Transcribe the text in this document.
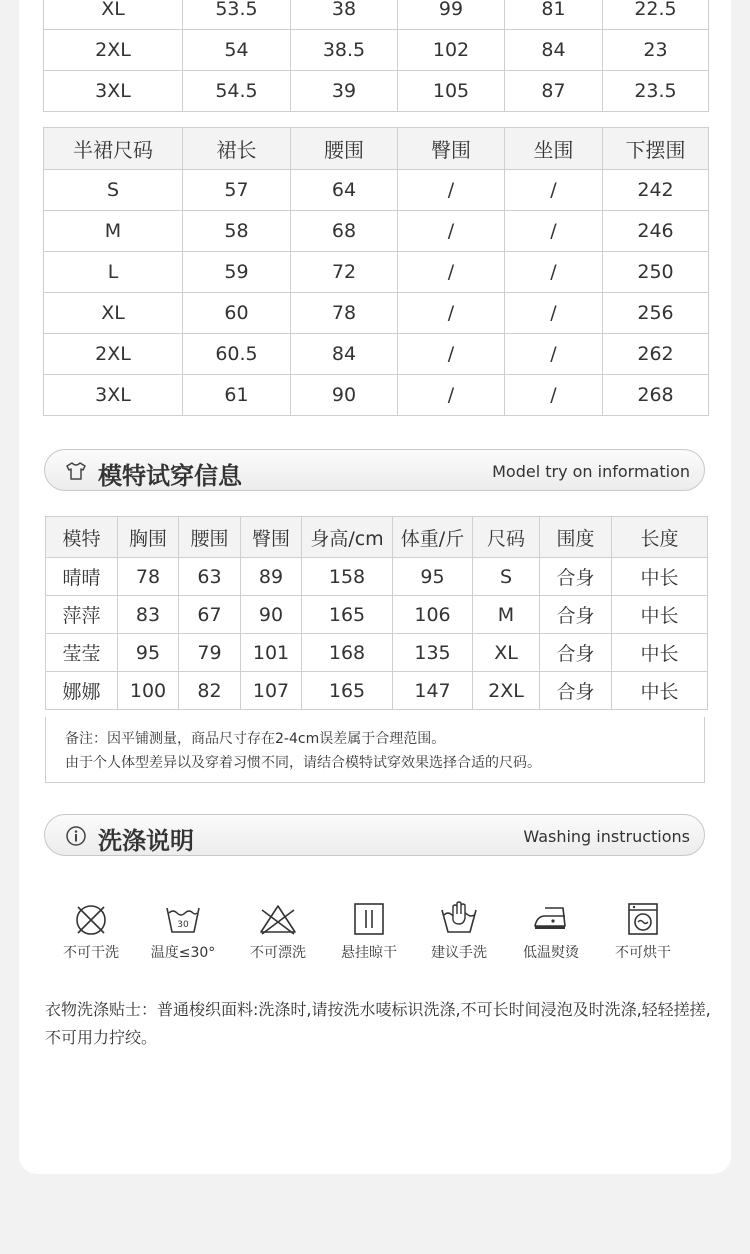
XL	53.5	38	99	81	22.5
2XL	54	38.5	102	84	23
3XL	54.5	39	105	87	23.5
半裙尺码	裙长	腰围	臀围	坐围	下摆围
S	57	64	/	/	242
M	58	68	/	/	246
L	59	72	/	/	250
XL	60	78	/	/	256
2XL	60.5	84	/	/	262
3XL	61	90	/	/	268
模特试穿信息	Model try on information
模特	胸围	腰围	臀围	身高/cm	体重/斤	尺码	围度	长度
晴晴	78	63	89	158	95	S	合身	中长
萍萍	83	67	90	165	106	M	合身	中长
莹莹	95	79	101	168	135	XL	合身	中长
娜娜	100	82	107	165	147	2XL	合身	中长
备注：因平铺测量，商品尺寸存在2-4cm误差属于合理范围。
由于个人体型差异以及穿着习惯不同，请结合模特试穿效果选择合适的尺码。
洗涤说明	Washing instructions
不可干洗
30
温度≤30°	不可漂洗	悬挂晾干	建议手洗	低温熨烫	不可烘干
衣物洗涤贴士：普通梭织面料:洗涤时,请按洗水唛标识洗涤,不可长时间浸泡及时洗涤,轻轻搓搓,不可用力拧绞。
